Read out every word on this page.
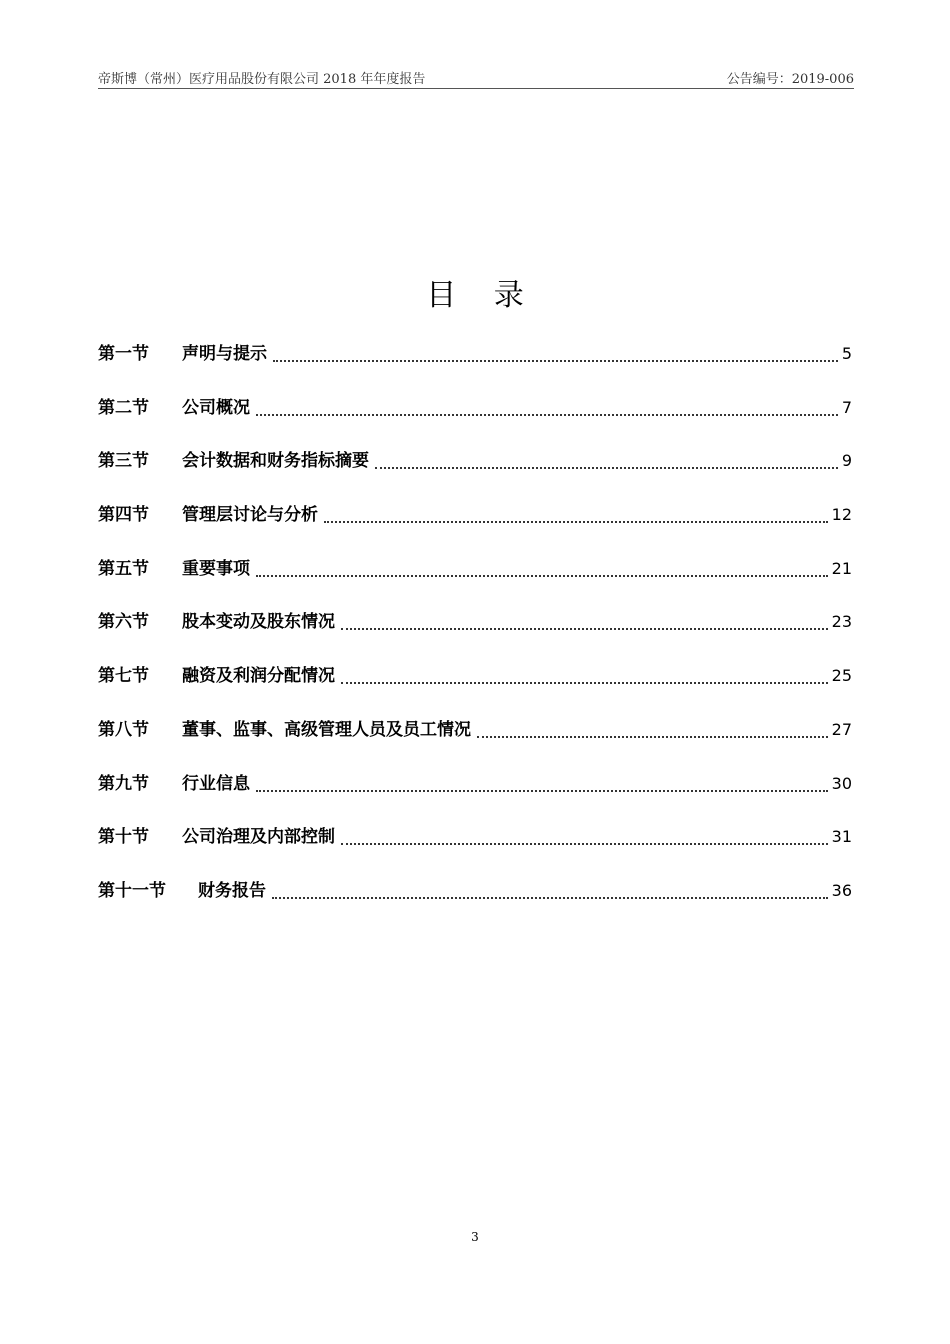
帝斯博（常州）医疗用品股份有限公司 2018 年年度报告	公告编号：2019-006
目 录
第一节	声明与提示	5
第二节	公司概况	7
第三节	会计数据和财务指标摘要	9
第四节	管理层讨论与分析	12
第五节	重要事项	21
第六节	股本变动及股东情况	23
第七节	融资及利润分配情况	25
第八节	董事、监事、高级管理人员及员工情况	27
第九节	行业信息	30
第十节	公司治理及内部控制	31
第十一节	财务报告	36
3
